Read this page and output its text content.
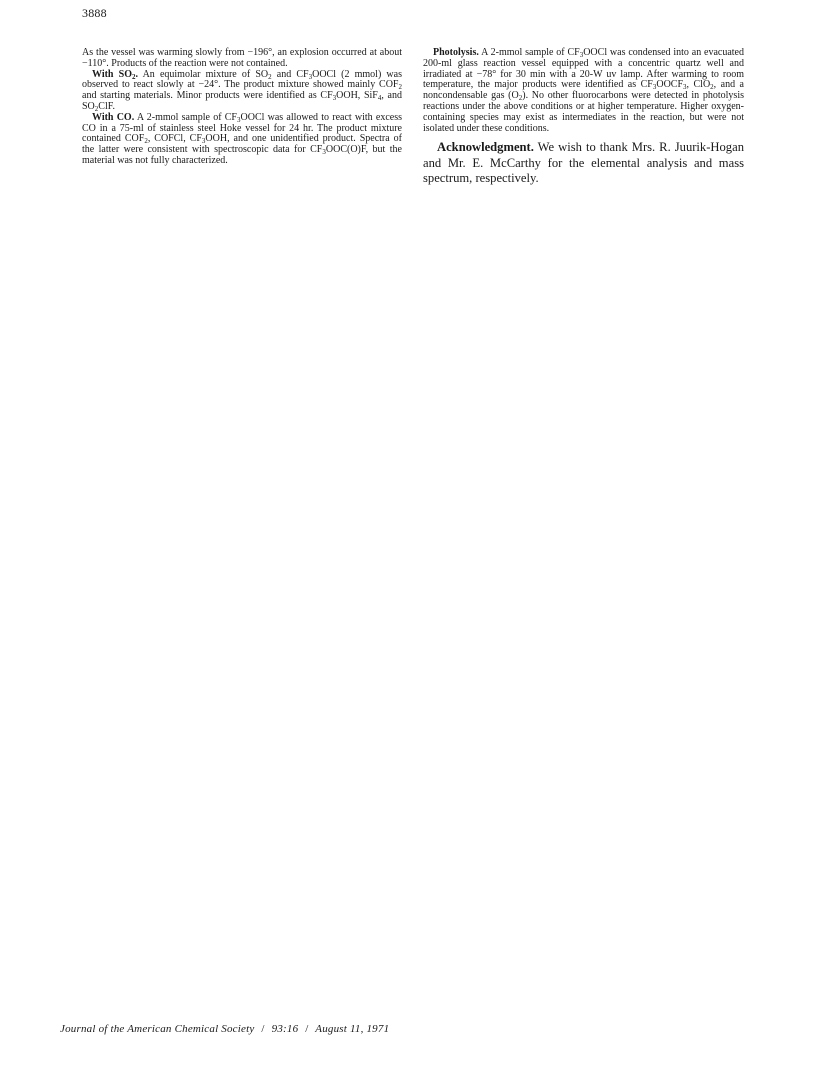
3888

As the vessel was warming slowly from −196°, an explosion occurred at about −110°. Products of the reaction were not contained.

With $SO_2$. An equimolar mixture of $SO_2$ and $CF_3OOCl$ (2 mmol) was observed to react slowly at −24°. The product mixture showed mainly $COF_2$ and starting materials. Minor products were identified as $CF_3OOH$, SiF$_4$, and $SO_2ClF$.

With CO. A 2-mmol sample of $CF_3OOCl$ was allowed to react with excess CO in a 75-ml of stainless steel Hoke vessel for 24 hr. The product mixture contained $COF_2$, COFCl, $CF_3OOH$, and one unidentified product. Spectra of the latter were consistent with spectroscopic data for $CF_3OOC(O)F$, but the material was not fully characterized.

Photolysis. A 2-mmol sample of $CF_3OOCl$ was condensed into an evacuated 200-ml glass reaction vessel equipped with a concentric quartz well and irradiated at −78° for 30 min with a 20-W uv lamp. After warming to room temperature, the major products were identified as $CF_3OOCF_3$, ClO$_2$, and a noncondensable gas $(O_2)$. No other fluorocarbons were detected in photolysis reactions under the above conditions or at higher temperature. Higher oxygen-containing species may exist as intermediates in the reaction, but were not isolated under these conditions.

Acknowledgment. We wish to thank Mrs. R. Juurik-Hogan and Mr. E. McCarthy for the elemental analysis and mass spectrum, respectively.

Journal of the American Chemical Society / 93:16 / August 11, 1971
